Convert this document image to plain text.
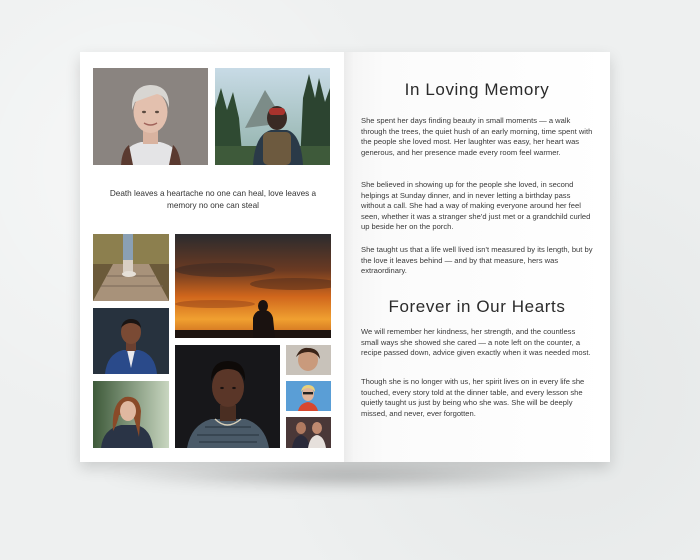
Death leaves a heartache no one can heal, love leaves a memory no one can steal
In Loving Memory
She spent her days finding beauty in small moments — a walk through the trees, the quiet hush of an early morning, time spent with the people she loved most. Her laughter was easy, her heart was generous, and her presence made every room feel warmer.
She believed in showing up for the people she loved, in second helpings at Sunday dinner, and in never letting a birthday pass without a call. She had a way of making everyone around her feel seen, whether it was a stranger she'd just met or a grandchild curled up beside her on the porch.
She taught us that a life well lived isn't measured by its length, but by the love it leaves behind — and by that measure, hers was extraordinary.
Forever in Our Hearts
We will remember her kindness, her strength, and the countless small ways she showed she cared — a note left on the counter, a recipe passed down, advice given exactly when it was needed most.
Though she is no longer with us, her spirit lives on in every life she touched, every story told at the dinner table, and every lesson she quietly taught us just by being who she was. She will be deeply missed, and never, ever forgotten.
